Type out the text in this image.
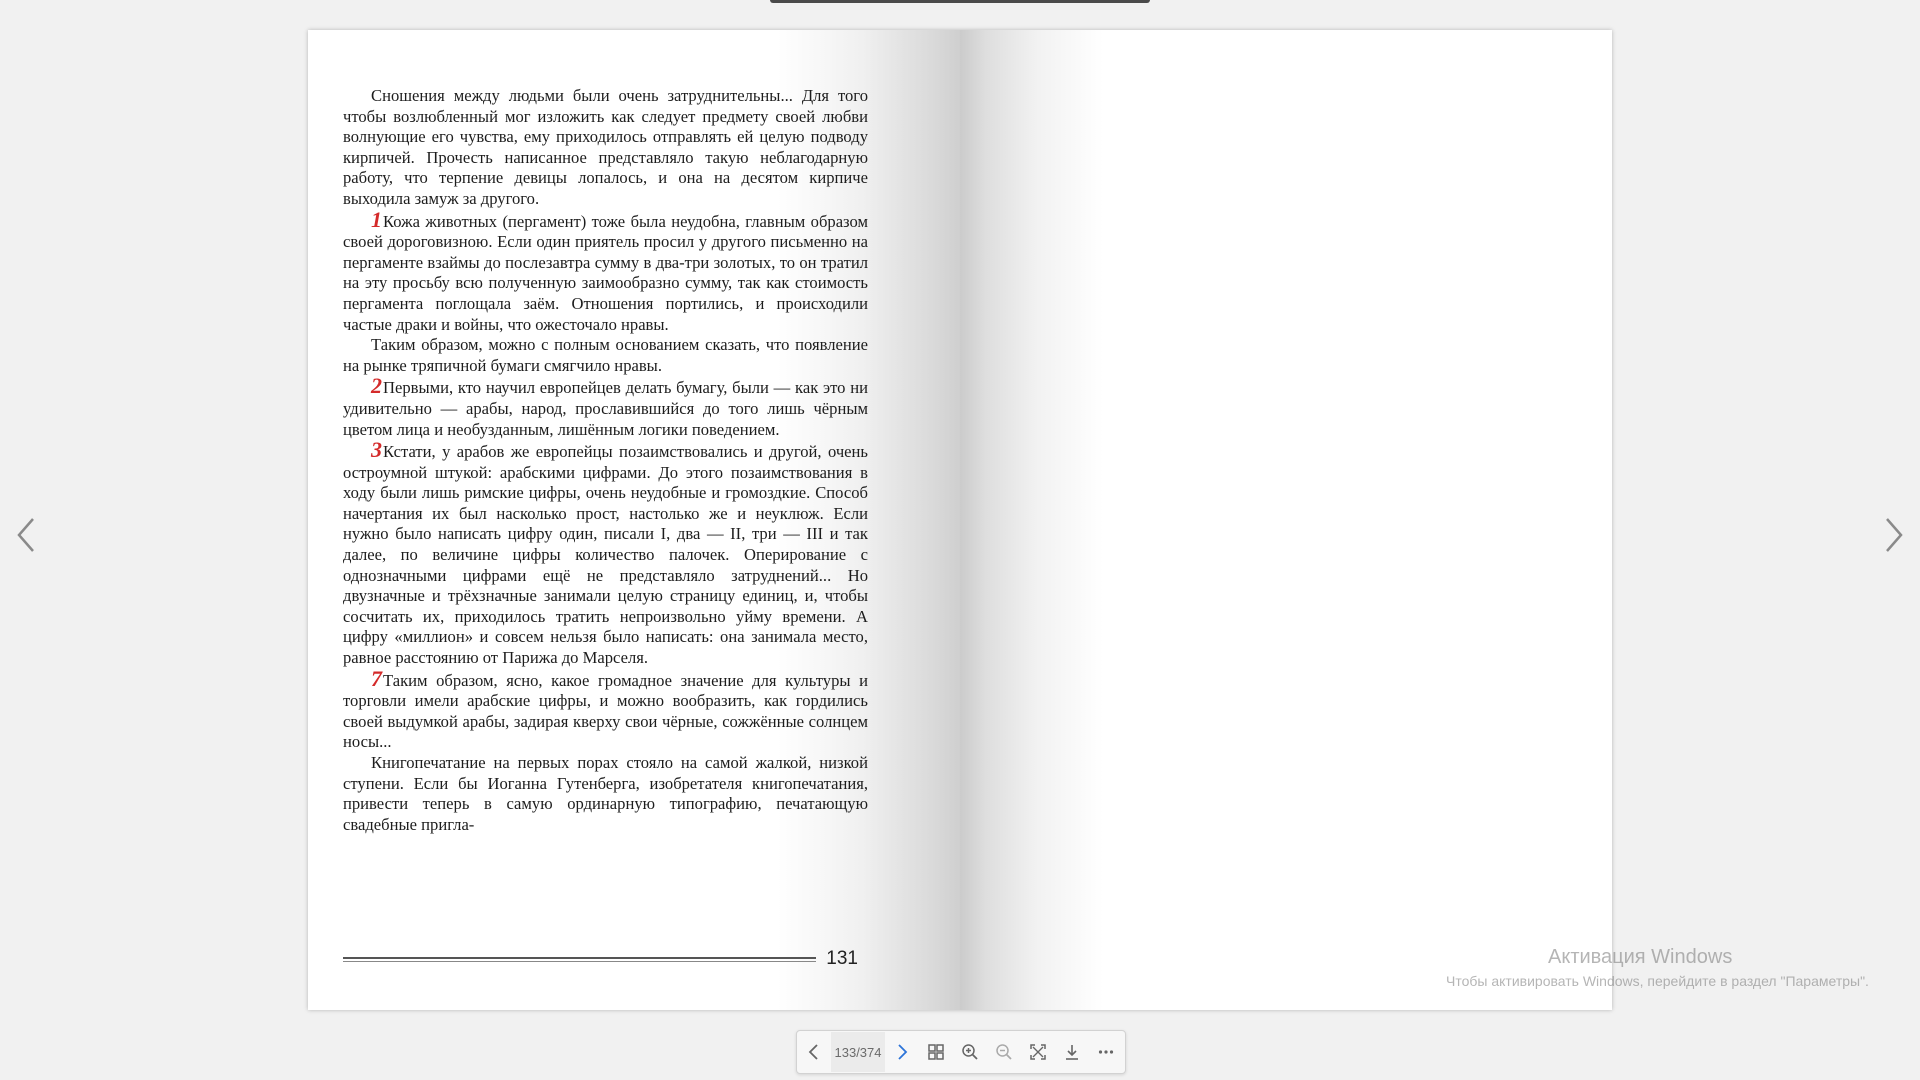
Сношения между людьми были очень затруднительны... Для того чтобы возлюбленный мог изложить как следует предмету своей любви волнующие его чувства, ему приходилось отправлять ей целую подводу кирпичей. Прочесть написанное представляло такую неблагодарную работу, что терпение девицы лопалось, и она на десятом кирпиче выходила замуж за другого.

1Кожа животных (пергамент) тоже была неудобна, главным образом своей дороговизною. Если один приятель просил у другого письменно на пергаменте взаймы до послезавтра сумму в два-три золотых, то он тратил на эту просьбу всю полученную заимообразно сумму, так как стоимость пергамента поглощала заём. Отношения портились, и происходили частые драки и войны, что ожесточало нравы.

Таким образом, можно с полным основанием сказать, что появление на рынке тряпичной бумаги смягчило нравы.

2Первыми, кто научил европейцев делать бумагу, были — как это ни удивительно — арабы, народ, прославившийся до того лишь чёрным цветом лица и необузданным, лишённым логики поведением.

3Кстати, у арабов же европейцы позаимствовались и другой, очень остроумной штукой: арабскими цифрами. До этого позаимствования в ходу были лишь римские цифры, очень неудобные и громоздкие. Способ начертания их был насколько прост, настолько же и неуклюж. Если нужно было написать цифру один, писали I, два — II, три — III и так далее, по величине цифры количество палочек. Оперирование с однозначными цифрами ещё не представляло затруднений... Но двузначные и трёхзначные занимали целую страницу единиц, и, чтобы сосчитать их, приходилось тратить непроизвольно уйму времени. А цифру «миллион» и совсем нельзя было написать: она занимала место, равное расстоянию от Парижа до Марселя.

7Таким образом, ясно, какое громадное значение для культуры и торговли имели арабские цифры, и можно вообразить, как гордились своей выдумкой арабы, задирая кверху свои чёрные, сожжённые солнцем носы...

Книгопечатание на первых порах стояло на самой жалкой, низкой ступени. Если бы Иоганна Гутенберга, изобретателя книгопечатания, привести теперь в самую ординарную типографию, печатающую свадебные пригла-

131	Активация Windows
Чтобы активировать Windows, перейдите в раздел "Параметры".
133/374
